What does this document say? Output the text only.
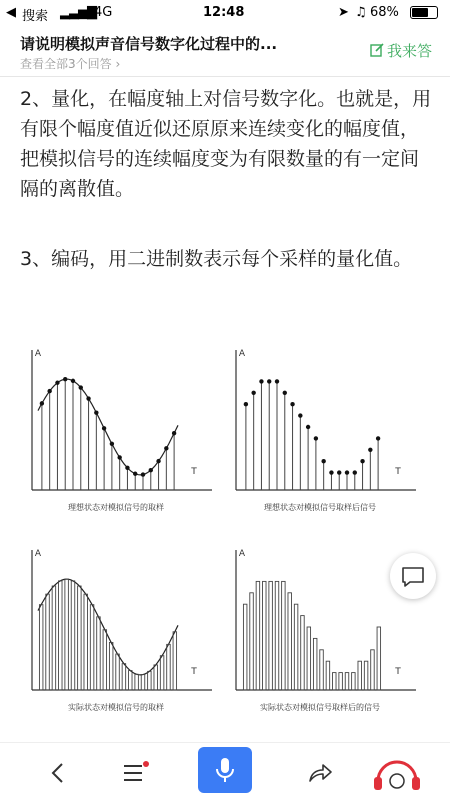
◀ 搜索 ▂▃▅▇
4G	12:48	➤ ♫ 68%
请说明模拟声音信号数字化过程中的...
查看全部3个回答 ›
我来答
2、量化，在幅度轴上对信号数字化。也就是，用有限个幅度值近似还原原来连续变化的幅度值，把模拟信号的连续幅度变为有限数量的有一定间隔的离散值。
3、编码，用二进制数表示每个采样的量化值。
A
T
理想状态对模拟信号的取样
A
T
理想状态对模拟信号取样后信号
A
T
实际状态对模拟信号的取样
A
T
实际状态对模拟信号取样后的信号
